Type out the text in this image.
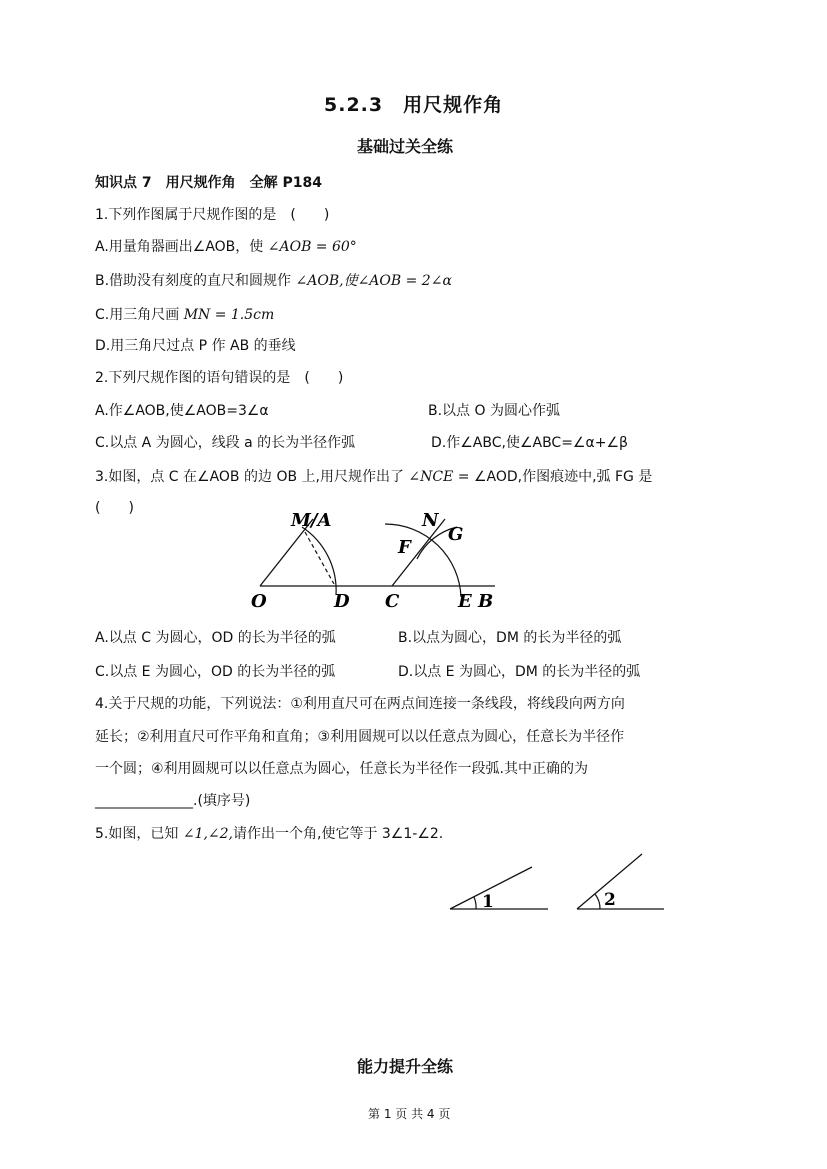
5.2.3　用尺规作角
基础过关全练
知识点 7　用尺规作角　全解 P184
1.下列作图属于尺规作图的是　(　　)
A.用量角器画出∠AOB，使 ∠AOB = 60°
B.借助没有刻度的直尺和圆规作 ∠AOB,使∠AOB = 2∠α
C.用三角尺画 MN = 1.5cm
D.用三角尺过点 P 作 AB 的垂线
2.下列尺规作图的语句错误的是　(　　)
A.作∠AOB,使∠AOB=3∠α	B.以点 O 为圆心作弧
C.以点 A 为圆心，线段 a 的长为半径作弧	D.作∠ABC,使∠ABC=∠α+∠β
3.如图，点 C 在∠AOB 的边 OB 上,用尺规作出了 ∠NCE = ∠AOD,作图痕迹中,弧 FG 是
(　　)
M/A
O	D C
N
G
F
E B
A.以点 C 为圆心，OD 的长为半径的弧	B.以点为圆心，DM 的长为半径的弧
C.以点 E 为圆心，OD 的长为半径的弧	D.以点 E 为圆心，DM 的长为半径的弧
4.关于尺规的功能，下列说法：①利用直尺可在两点间连接一条线段，将线段向两方向
延长；②利用直尺可作平角和直角；③利用圆规可以以任意点为圆心，任意长为半径作
一个圆；④利用圆规可以以任意点为圆心，任意长为半径作一段弧.其中正确的为
______________.(填序号)
5.如图，已知 ∠1,∠2,请作出一个角,使它等于 3∠1-∠2.
1	2
能力提升全练
第 1 页 共 4 页
